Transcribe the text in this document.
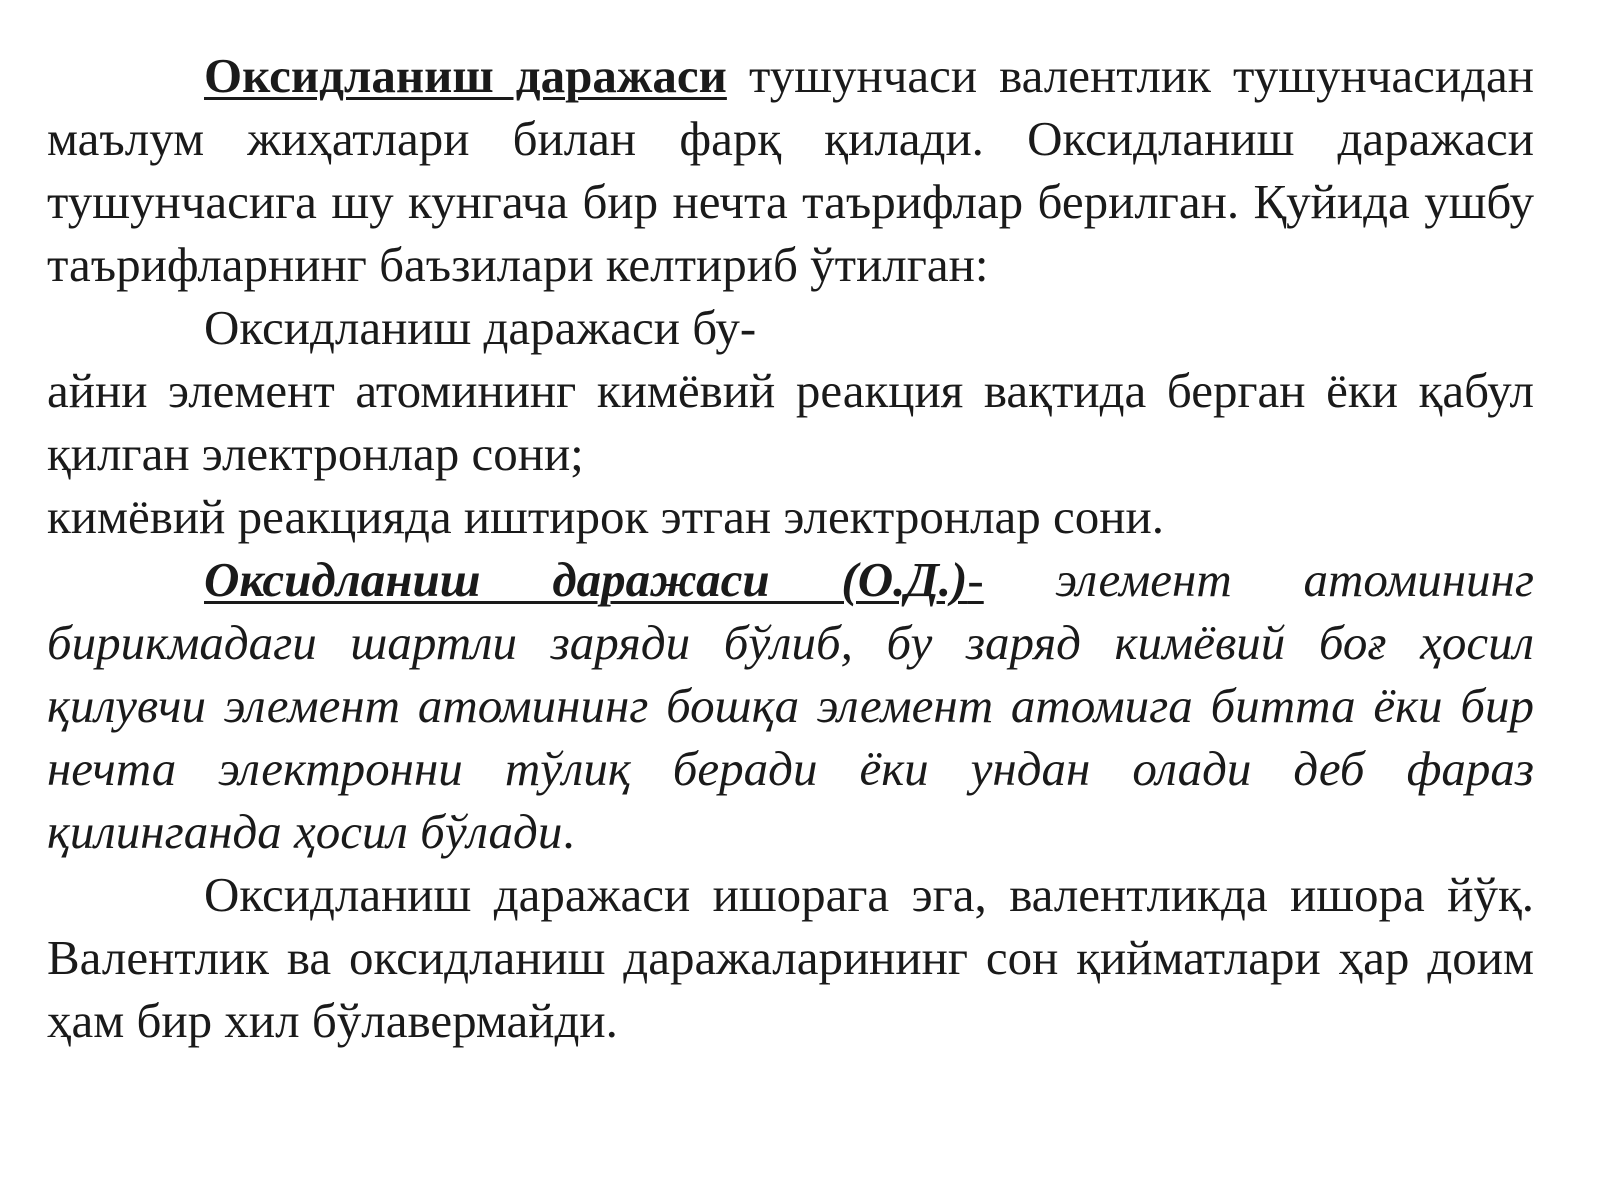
Оксидланиш даражаси тушунчаси валентлик тушунчасидан маълум жиҳатлари билан фарқ қилади. Оксидланиш даражаси тушунчасига шу кунгача бир нечта таърифлар берилган. Қуйида ушбу таърифларнинг баъзилари келтириб ўтилган:

Оксидланиш даражаси бу-

айни элемент атомининг кимёвий реакция вақтида берган ёки қабул қилган электронлар сони;

кимёвий реакцияда иштирок этган электронлар сони.

Оксидланиш даражаси (О.Д.)- элемент атомининг бирикмадаги шартли заряди бўлиб, бу заряд кимёвий боғ ҳосил қилувчи элемент атомининг бошқа элемент атомига битта ёки бир нечта электронни тўлиқ беради ёки ундан олади деб фараз қилинганда ҳосил бўлади.

Оксидланиш даражаси ишорага эга, валентликда ишора йўқ. Валентлик ва оксидланиш даражаларининг сон қийматлари ҳар доим ҳам бир хил бўлавермайди.
